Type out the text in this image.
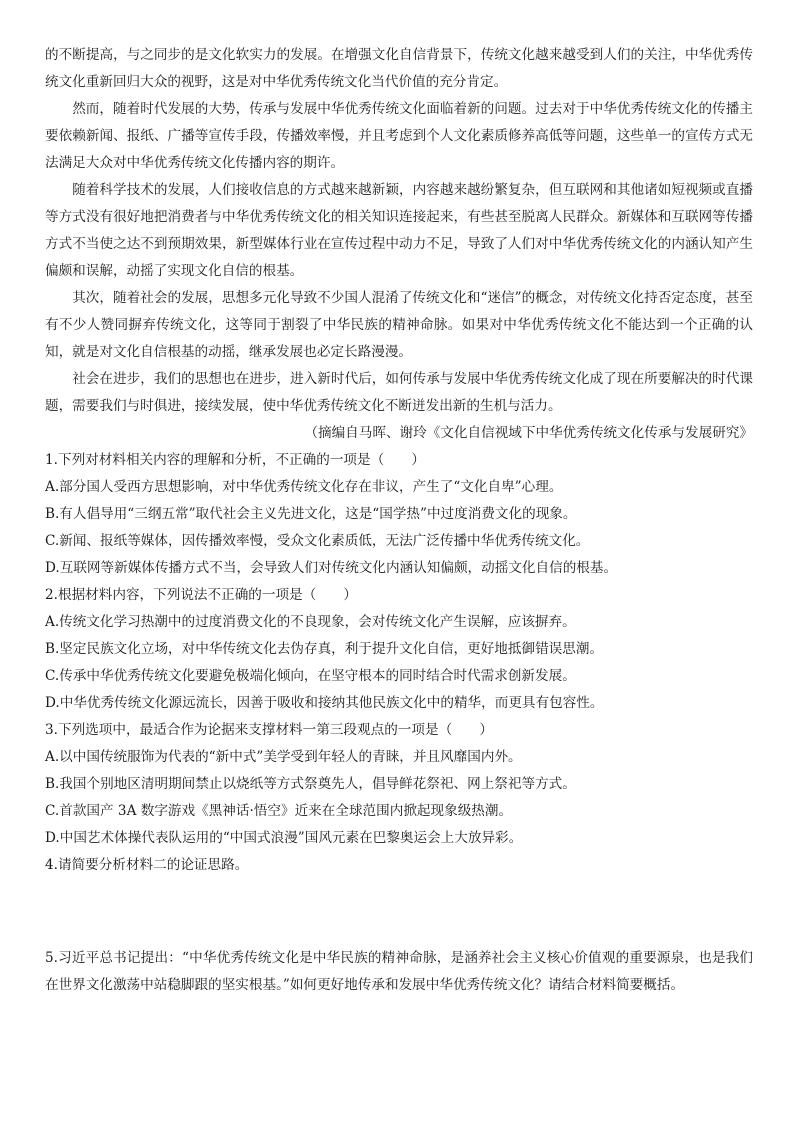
的不断提高，与之同步的是文化软实力的发展。在增强文化自信背景下，传统文化越来越受到人们的关注，中华优秀传统文化重新回归大众的视野，这是对中华优秀传统文化当代价值的充分肯定。

然而，随着时代发展的大势，传承与发展中华优秀传统文化面临着新的问题。过去对于中华优秀传统文化的传播主要依赖新闻、报纸、广播等宣传手段，传播效率慢，并且考虑到个人文化素质修养高低等问题，这些单一的宣传方式无法满足大众对中华优秀传统文化传播内容的期许。

随着科学技术的发展，人们接收信息的方式越来越新颖，内容越来越纷繁复杂，但互联网和其他诸如短视频或直播等方式没有很好地把消费者与中华优秀传统文化的相关知识连接起来，有些甚至脱离人民群众。新媒体和互联网等传播方式不当使之达不到预期效果，新型媒体行业在宣传过程中动力不足，导致了人们对中华优秀传统文化的内涵认知产生偏颇和误解，动摇了实现文化自信的根基。

其次，随着社会的发展，思想多元化导致不少国人混淆了传统文化和“迷信”的概念，对传统文化持否定态度，甚至有不少人赞同摒弃传统文化，这等同于割裂了中华民族的精神命脉。如果对中华优秀传统文化不能达到一个正确的认知，就是对文化自信根基的动摇，继承发展也必定长路漫漫。

社会在进步，我们的思想也在进步，进入新时代后，如何传承与发展中华优秀传统文化成了现在所要解决的时代课题，需要我们与时俱进，接续发展，使中华优秀传统文化不断迸发出新的生机与活力。

（摘编自马晖、谢玲《文化自信视域下中华优秀传统文化传承与发展研究》

1.下列对材料相关内容的理解和分析，不正确的一项是（　　）

A.部分国人受西方思想影响，对中华优秀传统文化存在非议，产生了“文化自卑”心理。

B.有人倡导用“三纲五常”取代社会主义先进文化，这是“国学热”中过度消费文化的现象。

C.新闻、报纸等媒体，因传播效率慢，受众文化素质低，无法广泛传播中华优秀传统文化。

D.互联网等新媒体传播方式不当，会导致人们对传统文化内涵认知偏颇，动摇文化自信的根基。

2.根据材料内容，下列说法不正确的一项是（　　）

A.传统文化学习热潮中的过度消费文化的不良现象，会对传统文化产生误解，应该摒弃。

B.坚定民族文化立场，对中华传统文化去伪存真，利于提升文化自信，更好地抵御错误思潮。

C.传承中华优秀传统文化要避免极端化倾向，在坚守根本的同时结合时代需求创新发展。

D.中华优秀传统文化源远流长，因善于吸收和接纳其他民族文化中的精华，而更具有包容性。

3.下列选项中，最适合作为论据来支撑材料一第三段观点的一项是（　　）

A.以中国传统服饰为代表的“新中式”美学受到年轻人的青睐，并且风靡国内外。

B.我国个别地区清明期间禁止以烧纸等方式祭奠先人，倡导鲜花祭祀、网上祭祀等方式。

C.首款国产 3A 数字游戏《黑神话·悟空》近来在全球范围内掀起现象级热潮。

D.中国艺术体操代表队运用的“中国式浪漫”国风元素在巴黎奥运会上大放异彩。

4.请简要分析材料二的论证思路。

5.习近平总书记提出：“中华优秀传统文化是中华民族的精神命脉，是涵养社会主义核心价值观的重要源泉，也是我们在世界文化激荡中站稳脚跟的坚实根基。”如何更好地传承和发展中华优秀传统文化？请结合材料简要概括。
